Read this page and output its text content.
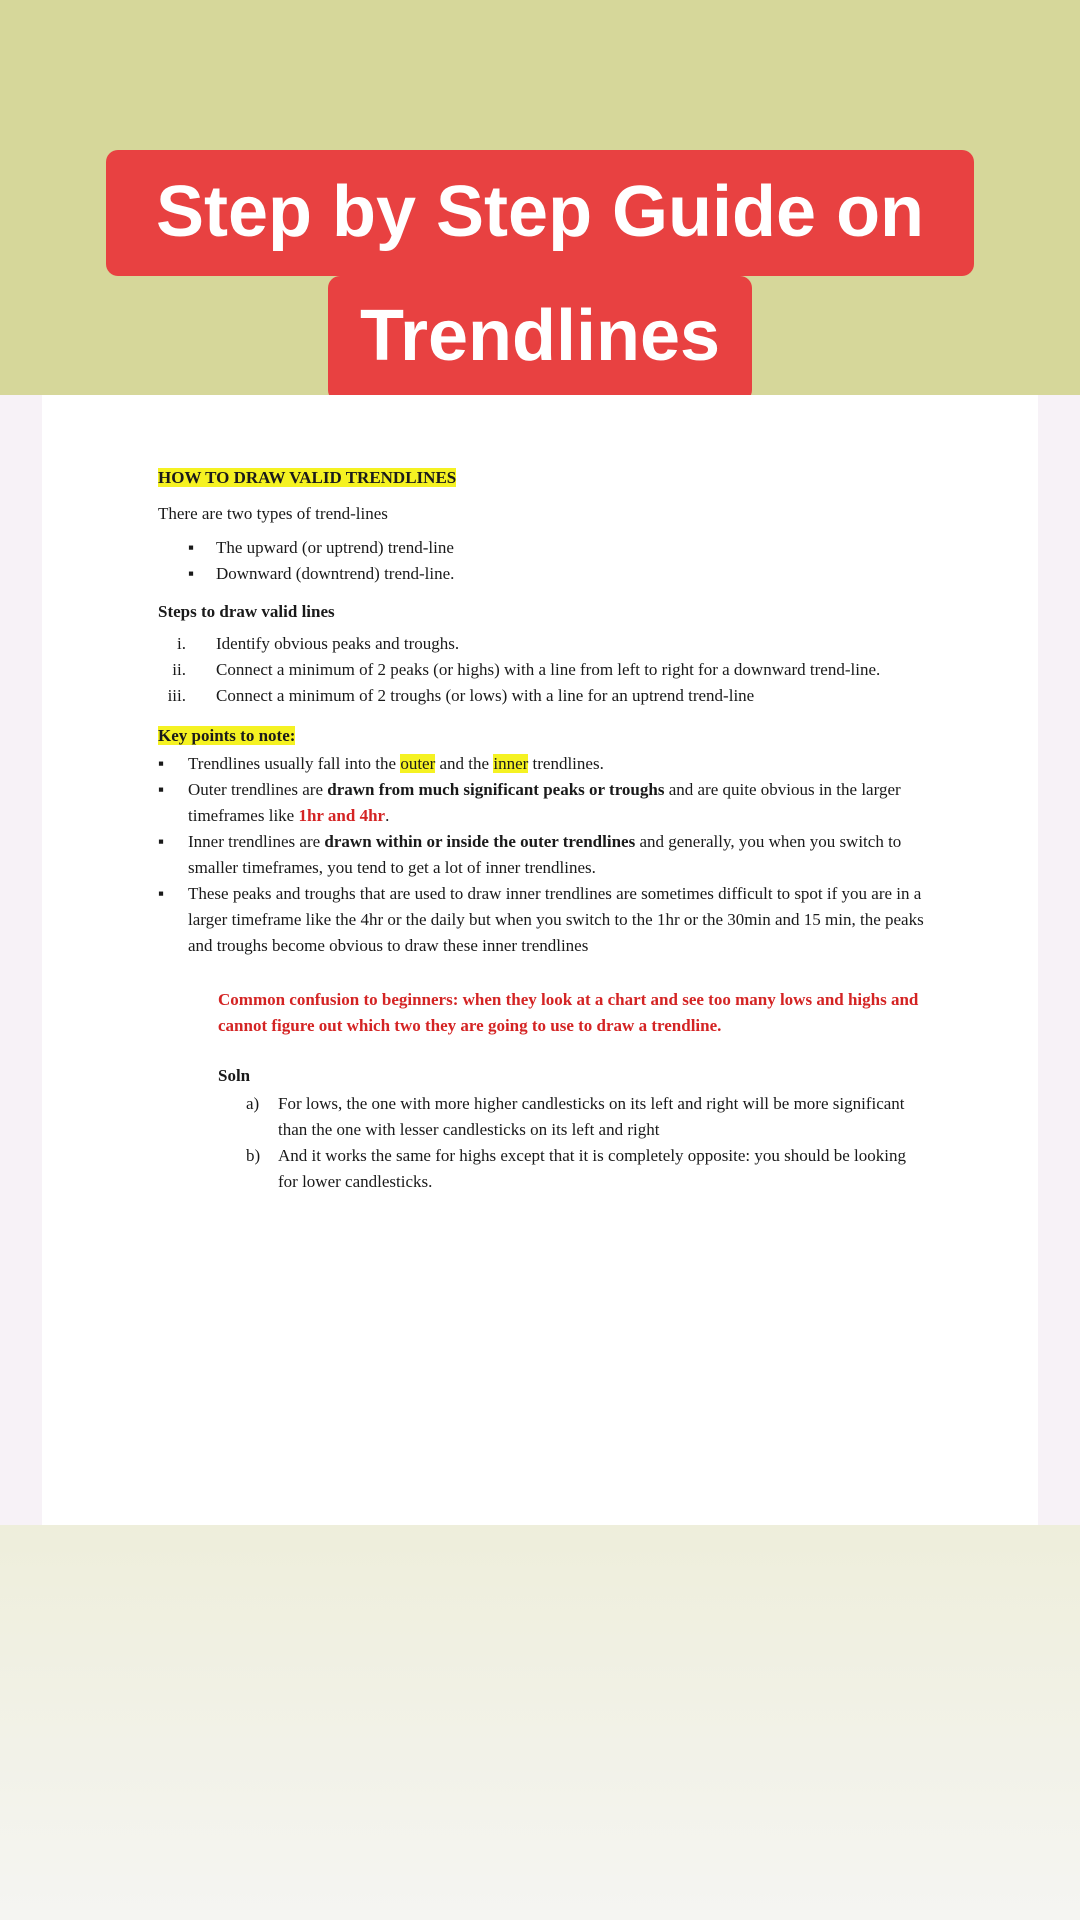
Step by Step Guide on
Trendlines
HOW TO DRAW VALID TRENDLINES

There are two types of trend-lines

▪ The upward (or uptrend) trend-line
▪ Downward (downtrend) trend-line.

Steps to draw valid lines

i. Identify obvious peaks and troughs.
ii. Connect a minimum of 2 peaks (or highs) with a line from left to right for a downward trend-line.
iii. Connect a minimum of 2 troughs (or lows) with a line for an uptrend trend-line

Key points to note:

▪ Trendlines usually fall into the outer and the inner trendlines.
▪ Outer trendlines are drawn from much significant peaks or troughs and are quite obvious in the larger timeframes like 1hr and 4hr.
▪ Inner trendlines are drawn within or inside the outer trendlines and generally, you when you switch to smaller timeframes, you tend to get a lot of inner trendlines.
▪ These peaks and troughs that are used to draw inner trendlines are sometimes difficult to spot if you are in a larger timeframe like the 4hr or the daily but when you switch to the 1hr or the 30min and 15 min, the peaks and troughs become obvious to draw these inner trendlines

Common confusion to beginners: when they look at a chart and see too many lows and highs and cannot figure out which two they are going to use to draw a trendline.

Soln

a) For lows, the one with more higher candlesticks on its left and right will be more significant than the one with lesser candlesticks on its left and right
b) And it works the same for highs except that it is completely opposite: you should be looking for lower candlesticks.
